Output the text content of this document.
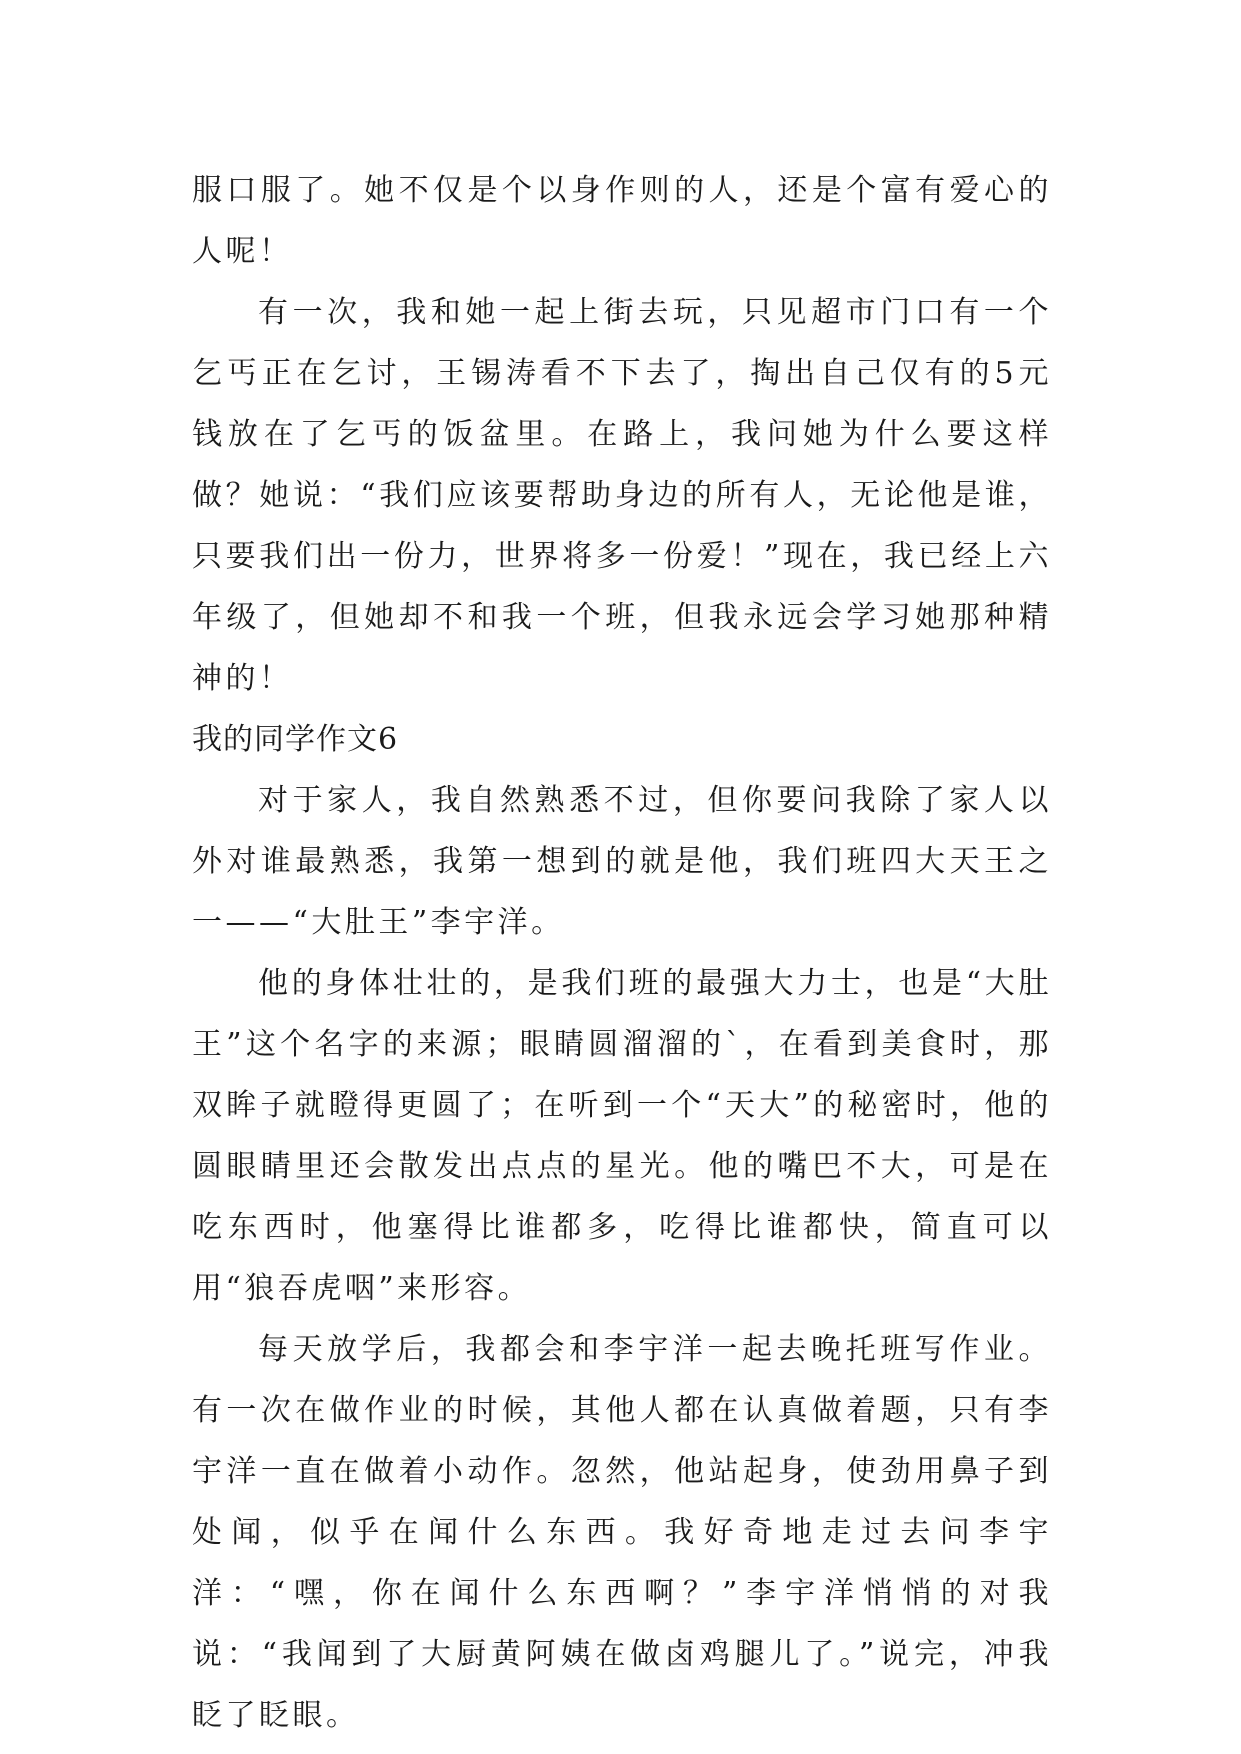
服口服了。她不仅是个以身作则的人，还是个富有爱心的人呢！

有一次，我和她一起上街去玩，只见超市门口有一个乞丐正在乞讨，王锡涛看不下去了，掏出自己仅有的5元钱放在了乞丐的饭盆里。在路上，我问她为什么要这样做？她说：“我们应该要帮助身边的所有人，无论他是谁，只要我们出一份力，世界将多一份爱！”现在，我已经上六年级了，但她却不和我一个班，但我永远会学习她那种精神的！

我的同学作文6

对于家人，我自然熟悉不过，但你要问我除了家人以外对谁最熟悉，我第一想到的就是他，我们班四大天王之一——“大肚王”李宇洋。

他的身体壮壮的，是我们班的最强大力士，也是“大肚王”这个名字的来源；眼睛圆溜溜的`，在看到美食时，那双眸子就瞪得更圆了；在听到一个“天大”的秘密时，他的圆眼睛里还会散发出点点的星光。他的嘴巴不大，可是在吃东西时，他塞得比谁都多，吃得比谁都快，简直可以用“狼吞虎咽”来形容。

每天放学后，我都会和李宇洋一起去晚托班写作业。有一次在做作业的时候，其他人都在认真做着题，只有李宇洋一直在做着小动作。忽然，他站起身，使劲用鼻子到处闻，似乎在闻什么东西。我好奇地走过去问李宇洋：“嘿，你在闻什么东西啊？”李宇洋悄悄的对我说：“我闻到了大厨黄阿姨在做卤鸡腿儿了。”说完，冲我眨了眨眼。
